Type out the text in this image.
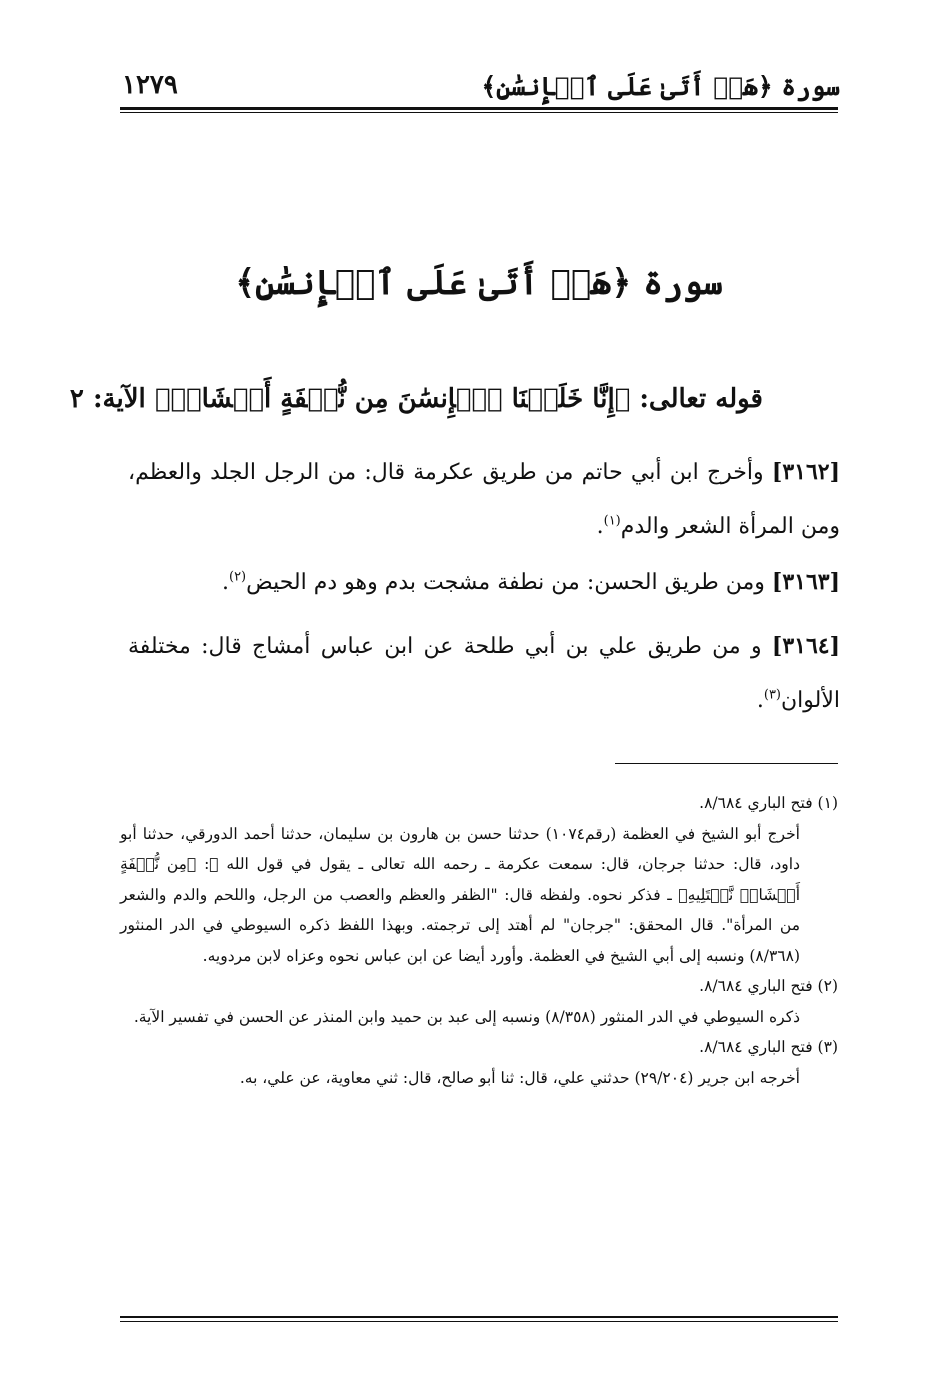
سورة ﴿هَلۡ أَتَىٰ عَلَى ٱلۡإِنسَٰنِ﴾
١٢٧٩
سورة ﴿هَلۡ أَتَىٰ عَلَى ٱلۡإِنسَٰنِ﴾
قوله تعالى: ﴿إِنَّا خَلَقۡنَا ٱلۡإِنسَٰنَ مِن نُّطۡفَةٍ أَمۡشَاجٖ﴾ الآية: ٢
[٣١٦٢] وأخرج ابن أبي حاتم من طريق عكرمة قال: من الرجل الجلد والعظم، ومن المرأة الشعر والدم$^{(١)}$.
[٣١٦٣] ومن طريق الحسن: من نطفة مشجت بدم وهو دم الحيض$^{(٢)}$.
[٣١٦٤] و من طريق علي بن أبي طلحة عن ابن عباس أمشاج قال: مختلفة الألوان$^{(٣)}$.
(١) فتح الباري ٨/٦٨٤.
أخرج أبو الشيخ في العظمة (رقم١٠٧٤) حدثنا حسن بن هارون بن سليمان، حدثنا أحمد الدورقي، حدثنا أبو داود، قال: حدثنا جرجان، قال: سمعت عكرمة ـ رحمه الله تعالى ـ يقول في قول الله ﷻ: ﴿مِن نُّطۡفَةٍ أَمۡشَاجٖ نَّبۡتَلِيهِ﴾ ـ فذكر نحوه. ولفظه قال: "الظفر والعظم والعصب من الرجل، واللحم والدم والشعر من المرأة". قال المحقق: "جرجان" لم أهتد إلى ترجمته. وبهذا اللفظ ذكره السيوطي في الدر المنثور (٨/٣٦٨) ونسبه إلى أبي الشيخ في العظمة. وأورد أيضا عن ابن عباس نحوه وعزاه لابن مردويه.
(٢) فتح الباري ٨/٦٨٤.
ذكره السيوطي في الدر المنثور (٨/٣٥٨) ونسبه إلى عبد بن حميد وابن المنذر عن الحسن في تفسير الآية.
(٣) فتح الباري ٨/٦٨٤.
أخرجه ابن جرير (٢٩/٢٠٤) حدثني علي، قال: ثنا أبو صالح، قال: ثني معاوية، عن علي، به.
